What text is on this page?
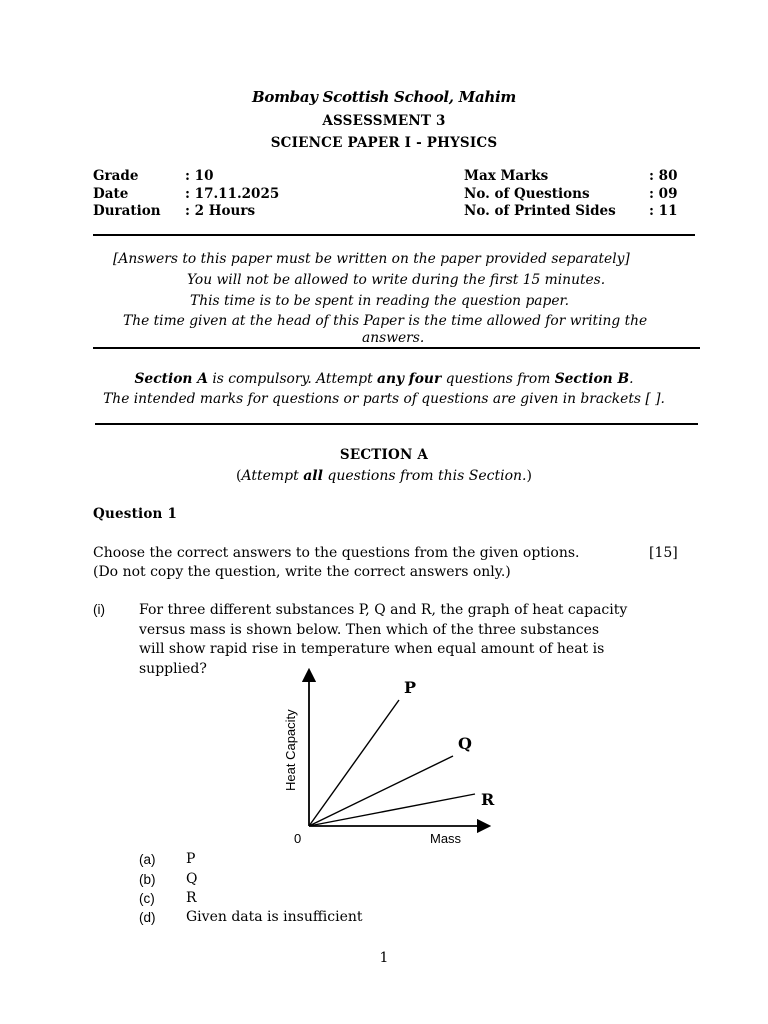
Bombay Scottish School, Mahim
ASSESSMENT 3
SCIENCE PAPER I - PHYSICS
Grade	: 10
Date	: 17.11.2025
Duration : 2 Hours
Max Marks	: 80
No. of Questions	: 09
No. of Printed Sides : 11
[Answers to this paper must be written on the paper provided separately]
You will not be allowed to write during the first 15 minutes.
This time is to be spent in reading the question paper.
The time given at the head of this Paper is the time allowed for writing the
answers.
Section A is compulsory. Attempt any four questions from Section B.
The intended marks for questions or parts of questions are given in brackets [ ].
SECTION A
(Attempt all questions from this Section.)
Question 1
Choose the correct answers to the questions from the given options.	[15]
(Do not copy the question, write the correct answers only.)
(i) For three different substances P, Q and R, the graph of heat capacity
versus mass is shown below. Then which of the three substances
will show rapid rise in temperature when equal amount of heat is
supplied?
P
Q
R
0	Mass
Heat Capacity
(a) P
(b) Q
(c) R
(d) Given data is insufficient
1
